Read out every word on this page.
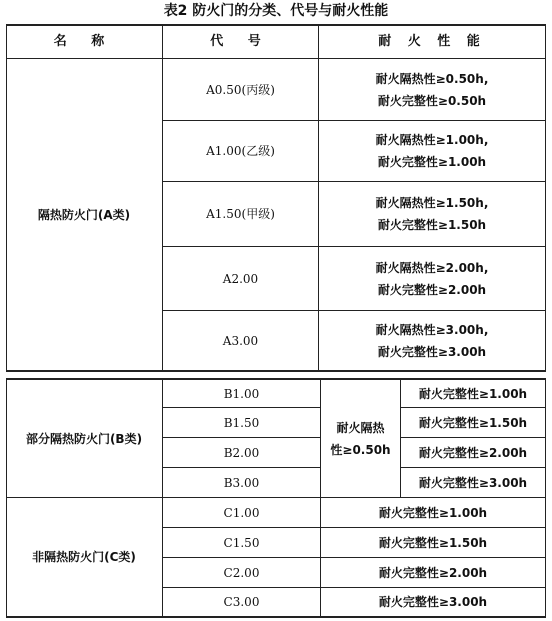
表2 防火门的分类、代号与耐火性能
名 称	代 号	耐 火 性 能
隔热防火门(A类)
A0.50(丙级)
耐火隔热性≥0.50h,
耐火完整性≥0.50h
A1.00(乙级)
耐火隔热性≥1.00h,
耐火完整性≥1.00h
A1.50(甲级)
耐火隔热性≥1.50h,
耐火完整性≥1.50h
A2.00
耐火隔热性≥2.00h,
耐火完整性≥2.00h
A3.00
耐火隔热性≥3.00h,
耐火完整性≥3.00h
部分隔热防火门(B类)
B1.00
B1.50
B2.00
B3.00
耐火隔热
性≥0.50h
耐火完整性≥1.00h
耐火完整性≥1.50h
耐火完整性≥2.00h
耐火完整性≥3.00h
非隔热防火门(C类)
C1.00
C1.50
C2.00
C3.00
耐火完整性≥1.00h
耐火完整性≥1.50h
耐火完整性≥2.00h
耐火完整性≥3.00h
